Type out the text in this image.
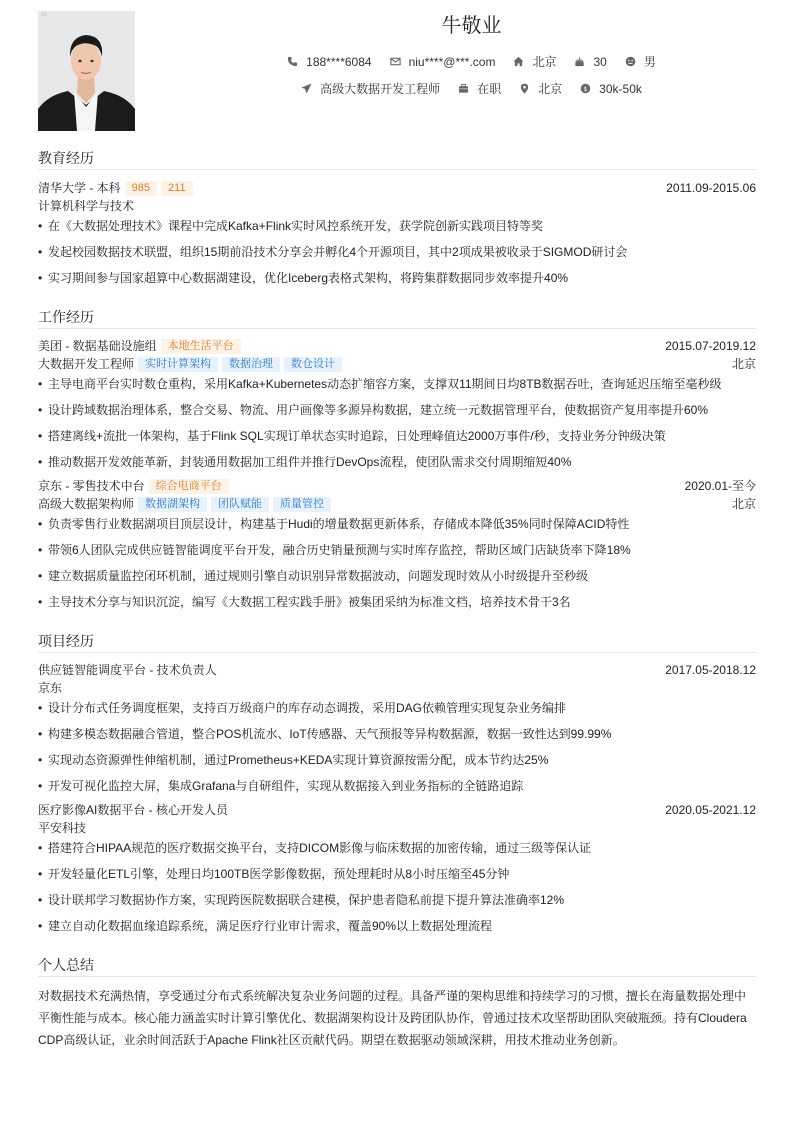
AI	牛敬业
188****6084	niu****@***.com	北京	30	男
高级大数据开发工程师	在职	北京	$ 30k-50k
教育经历
清华大学 - 本科 985 211	2011.09-2015.06
计算机科学与技术
• 在《大数据处理技术》课程中完成Kafka+Flink实时风控系统开发，获学院创新实践项目特等奖
• 发起校园数据技术联盟，组织15期前沿技术分享会并孵化4个开源项目，其中2项成果被收录于SIGMOD研讨会
• 实习期间参与国家超算中心数据湖建设，优化Iceberg表格式架构，将跨集群数据同步效率提升40%
工作经历
美团 - 数据基础设施组 本地生活平台	2015.07-2019.12
大数据开发工程师 实时计算架构 数据治理 数仓设计	北京
• 主导电商平台实时数仓重构，采用Kafka+Kubernetes动态扩缩容方案，支撑双11期间日均8TB数据吞吐，查询延迟压缩至毫秒级
• 设计跨域数据治理体系，整合交易、物流、用户画像等多源异构数据，建立统一元数据管理平台，使数据资产复用率提升60%
• 搭建离线+流批一体架构，基于Flink SQL实现订单状态实时追踪，日处理峰值达2000万事件/秒，支持业务分钟级决策
• 推动数据开发效能革新，封装通用数据加工组件并推行DevOps流程，使团队需求交付周期缩短40%
京东 - 零售技术中台 综合电商平台	2020.01-至今
高级大数据架构师 数据湖架构 团队赋能 质量管控	北京
• 负责零售行业数据湖项目顶层设计，构建基于Hudi的增量数据更新体系，存储成本降低35%同时保障ACID特性
• 带领6人团队完成供应链智能调度平台开发，融合历史销量预测与实时库存监控，帮助区域门店缺货率下降18%
• 建立数据质量监控闭环机制，通过规则引擎自动识别异常数据波动，问题发现时效从小时级提升至秒级
• 主导技术分享与知识沉淀，编写《大数据工程实践手册》被集团采纳为标准文档，培养技术骨干3名
项目经历
供应链智能调度平台 - 技术负责人	2017.05-2018.12
京东
• 设计分布式任务调度框架，支持百万级商户的库存动态调拨，采用DAG依赖管理实现复杂业务编排
• 构建多模态数据融合管道，整合POS机流水、IoT传感器、天气预报等异构数据源，数据一致性达到99.99%
• 实现动态资源弹性伸缩机制，通过Prometheus+KEDA实现计算资源按需分配，成本节约达25%
• 开发可视化监控大屏，集成Grafana与自研组件，实现从数据接入到业务指标的全链路追踪
医疗影像AI数据平台 - 核心开发人员	2020.05-2021.12
平安科技
• 搭建符合HIPAA规范的医疗数据交换平台，支持DICOM影像与临床数据的加密传输，通过三级等保认证
• 开发轻量化ETL引擎，处理日均100TB医学影像数据，预处理耗时从8小时压缩至45分钟
• 设计联邦学习数据协作方案，实现跨医院数据联合建模，保护患者隐私前提下提升算法准确率12%
• 建立自动化数据血缘追踪系统，满足医疗行业审计需求，覆盖90%以上数据处理流程
个人总结
对数据技术充满热情，享受通过分布式系统解决复杂业务问题的过程。具备严谨的架构思维和持续学习的习惯，擅长在海量数据处理中
平衡性能与成本。核心能力涵盖实时计算引擎优化、数据湖架构设计及跨团队协作，曾通过技术攻坚帮助团队突破瓶颈。持有Cloudera
CDP高级认证，业余时间活跃于Apache Flink社区贡献代码。期望在数据驱动领域深耕，用技术推动业务创新。
